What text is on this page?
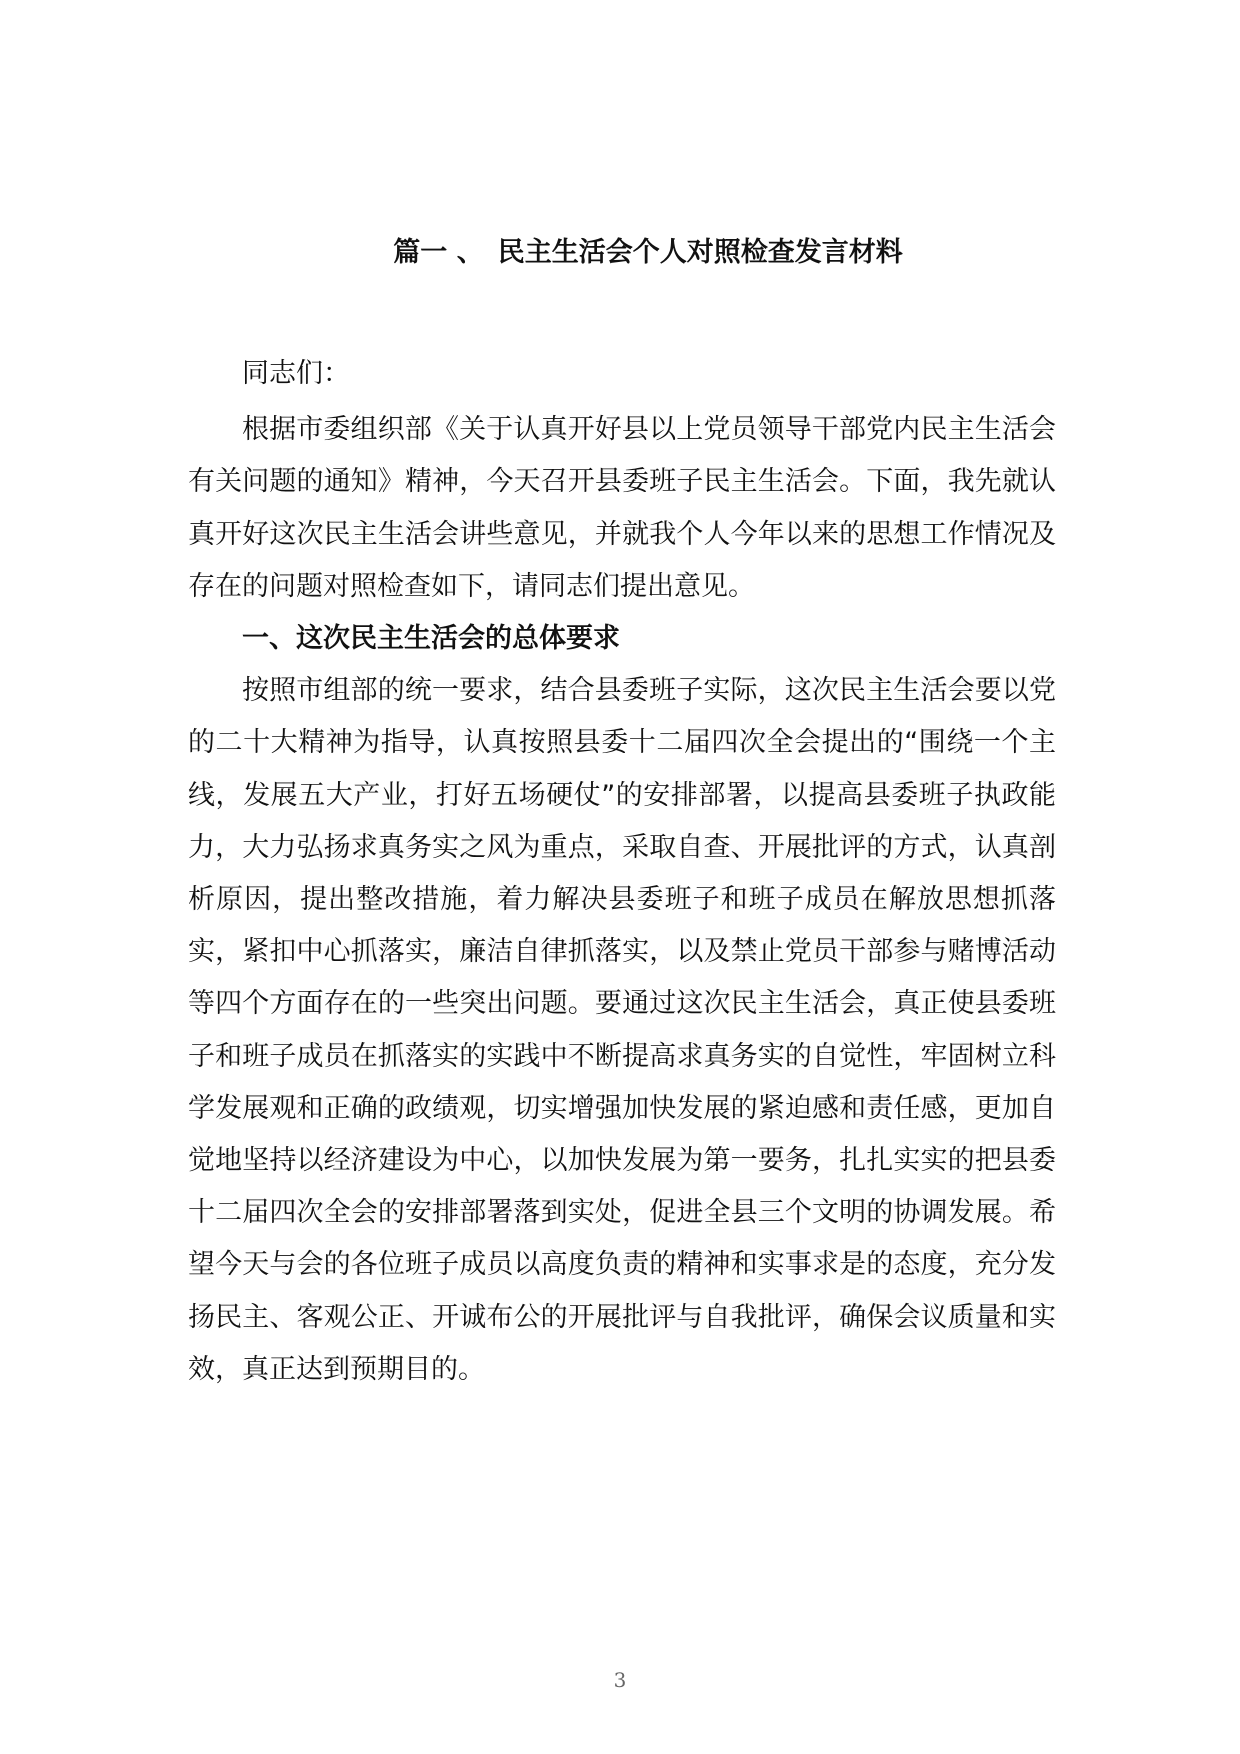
篇一 、 民主生活会个人对照检查发言材料

同志们：

根据市委组织部《关于认真开好县以上党员领导干部党内民主生活会有关问题的通知》精神，今天召开县委班子民主生活会。下面，我先就认真开好这次民主生活会讲些意见，并就我个人今年以来的思想工作情况及存在的问题对照检查如下，请同志们提出意见。

一、这次民主生活会的总体要求

按照市组部的统一要求，结合县委班子实际，这次民主生活会要以党的二十大精神为指导，认真按照县委十二届四次全会提出的“围绕一个主线，发展五大产业，打好五场硬仗”的安排部署，以提高县委班子执政能力，大力弘扬求真务实之风为重点，采取自查、开展批评的方式，认真剖析原因，提出整改措施，着力解决县委班子和班子成员在解放思想抓落实，紧扣中心抓落实，廉洁自律抓落实，以及禁止党员干部参与赌博活动等四个方面存在的一些突出问题。要通过这次民主生活会，真正使县委班子和班子成员在抓落实的实践中不断提高求真务实的自觉性，牢固树立科学发展观和正确的政绩观，切实增强加快发展的紧迫感和责任感，更加自觉地坚持以经济建设为中心，以加快发展为第一要务，扎扎实实的把县委十二届四次全会的安排部署落到实处，促进全县三个文明的协调发展。希望今天与会的各位班子成员以高度负责的精神和实事求是的态度，充分发扬民主、客观公正、开诚布公的开展批评与自我批评，确保会议质量和实效，真正达到预期目的。

3
